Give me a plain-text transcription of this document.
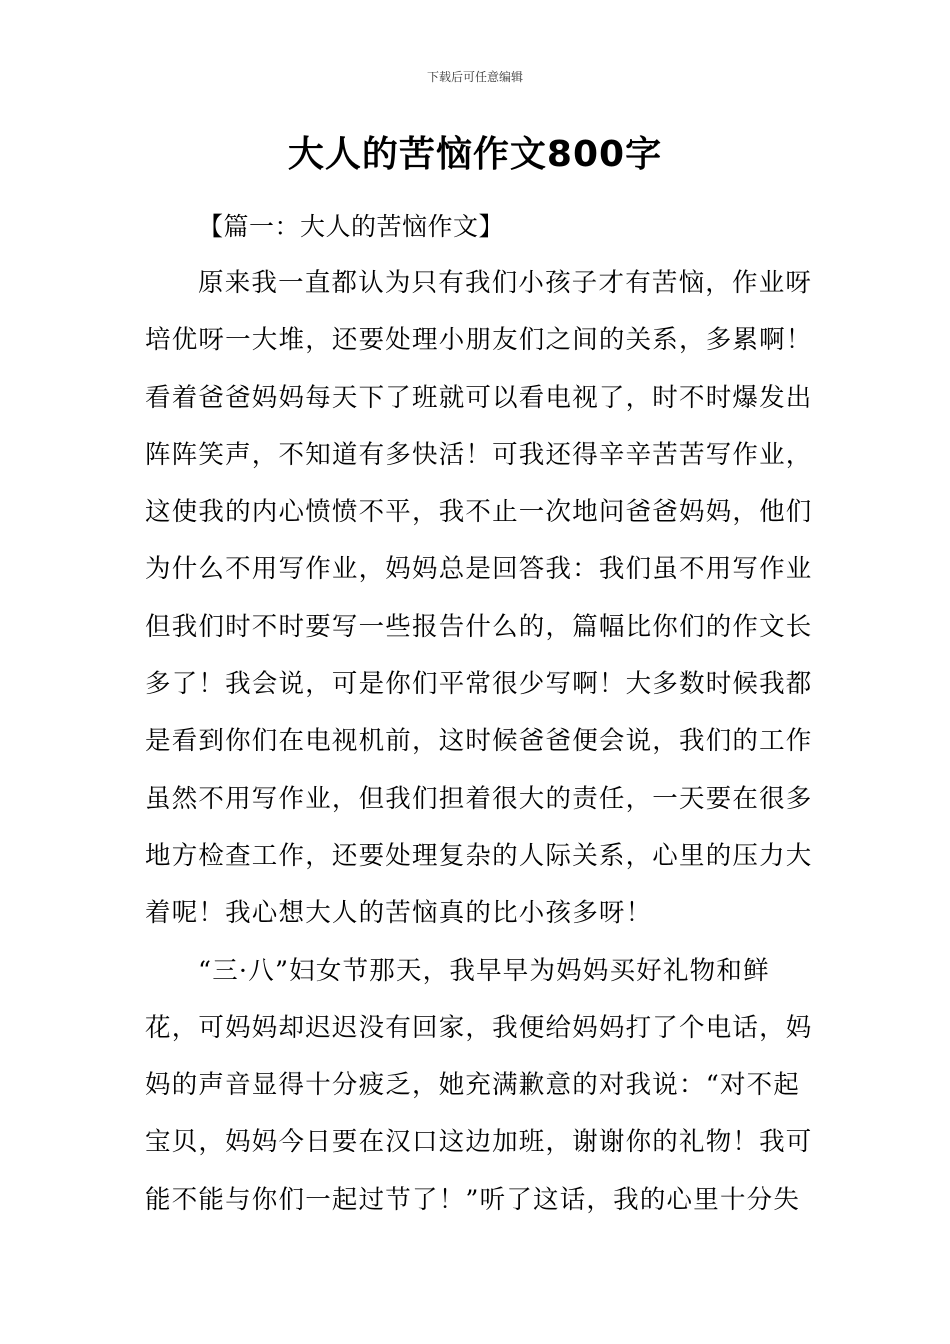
下载后可任意编辑
大人的苦恼作文800字
【篇一：大人的苦恼作文】
原来我一直都认为只有我们小孩子才有苦恼，作业呀
培优呀一大堆，还要处理小朋友们之间的关系，多累啊！
看着爸爸妈妈每天下了班就可以看电视了，时不时爆发出
阵阵笑声，不知道有多快活！可我还得辛辛苦苦写作业，
这使我的内心愤愤不平，我不止一次地问爸爸妈妈，他们
为什么不用写作业，妈妈总是回答我：我们虽不用写作业
但我们时不时要写一些报告什么的，篇幅比你们的作文长
多了！我会说，可是你们平常很少写啊！大多数时候我都
是看到你们在电视机前，这时候爸爸便会说，我们的工作
虽然不用写作业，但我们担着很大的责任，一天要在很多
地方检查工作，还要处理复杂的人际关系，心里的压力大
着呢！我心想大人的苦恼真的比小孩多呀！
“三·八”妇女节那天，我早早为妈妈买好礼物和鲜
花，可妈妈却迟迟没有回家，我便给妈妈打了个电话，妈
妈的声音显得十分疲乏，她充满歉意的对我说：“对不起
宝贝，妈妈今日要在汉口这边加班，谢谢你的礼物！我可
能不能与你们一起过节了！”听了这话，我的心里十分失
